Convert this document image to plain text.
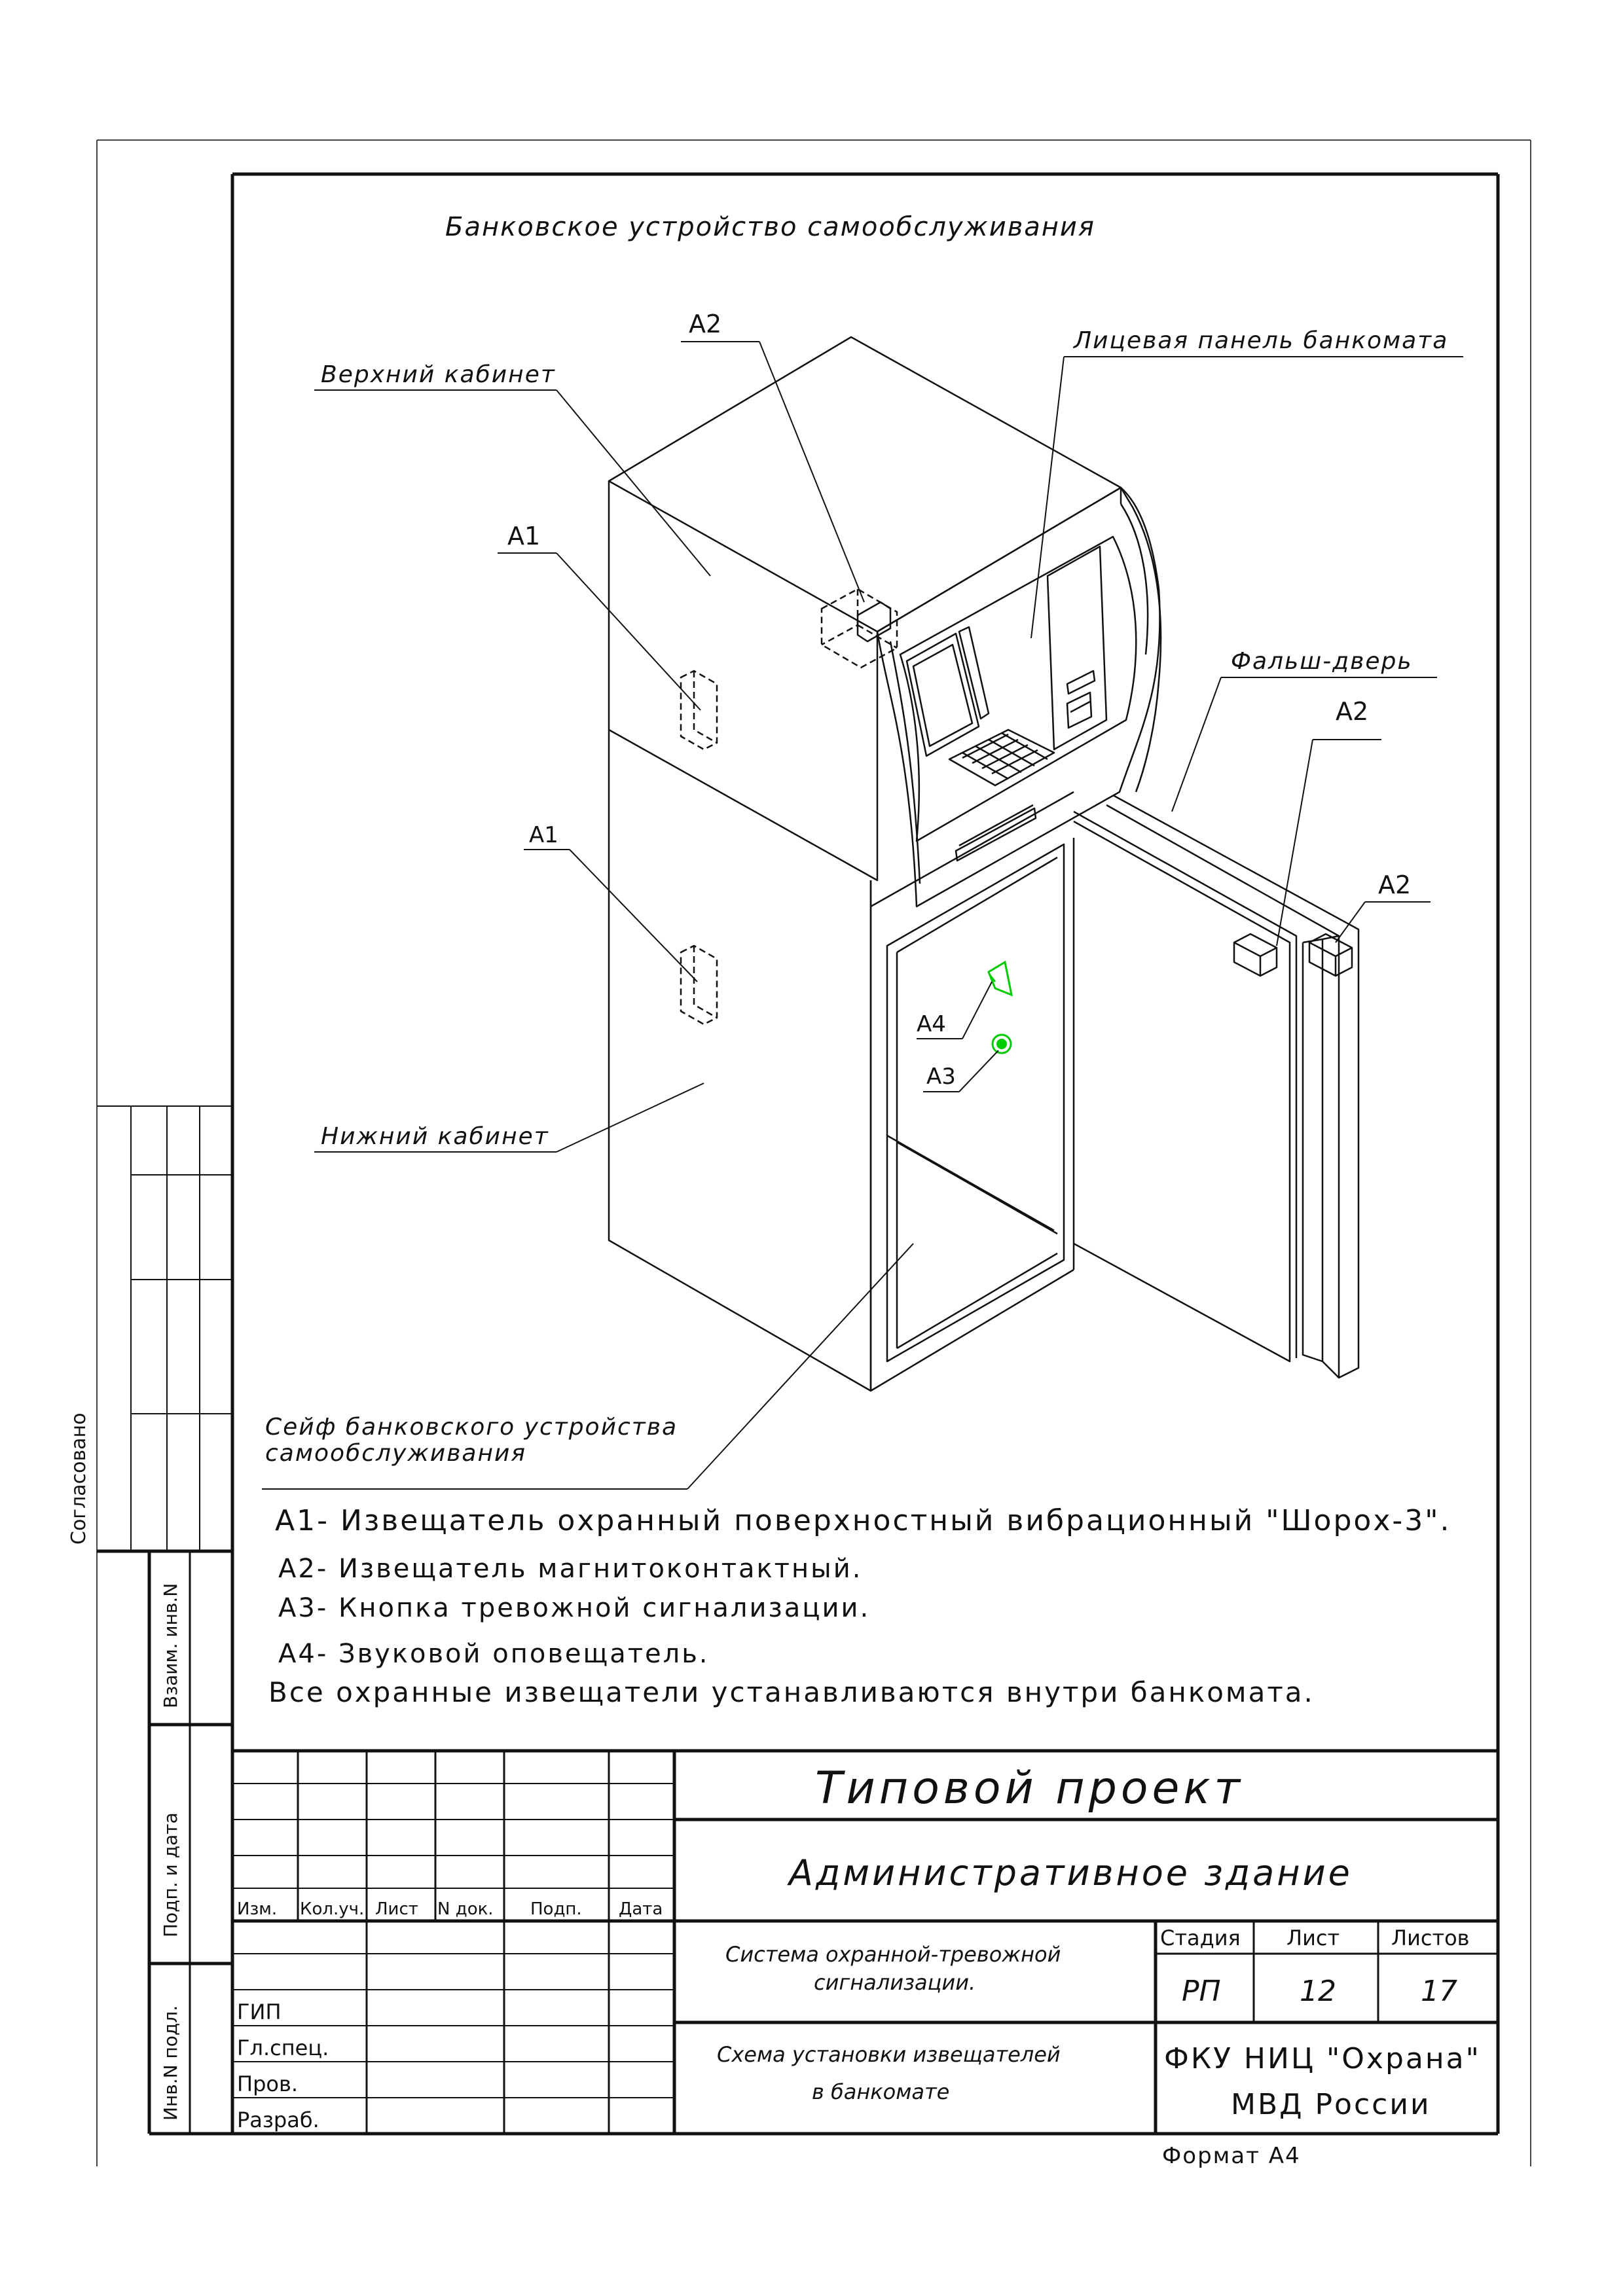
Согласовано
Взаим. инв.N
Подп. и дата
Инв.N подл.
Банковское устройство самообслуживания
A2
Верхний кабинет
Лицевая панель банкомата
A1
Фальш-дверь
A2
A2
A1
A4
A3
Нижний кабинет
Сейф банковского устройства
самообслуживания
A1- Извещатель охранный поверхностный вибрационный "Шорох-3".
A2- Извещатель магнитоконтактный.
A3- Кнопка тревожной сигнализации.
A4- Звуковой оповещатель.
Все охранные извещатели устанавливаются внутри банкомата.
Изм. Кол.уч. Лист N док. Подп. Дата
ГИП
Гл.спец.
Пров.
Разраб.
Типовой проект
Административное здание
Система охранной-тревожной
сигнализации.
Схема установки извещателей
в банкомате
Стадия Лист Листов
РП	12	17
ФКУ НИЦ "Охрана"
МВД России
Формат А4
